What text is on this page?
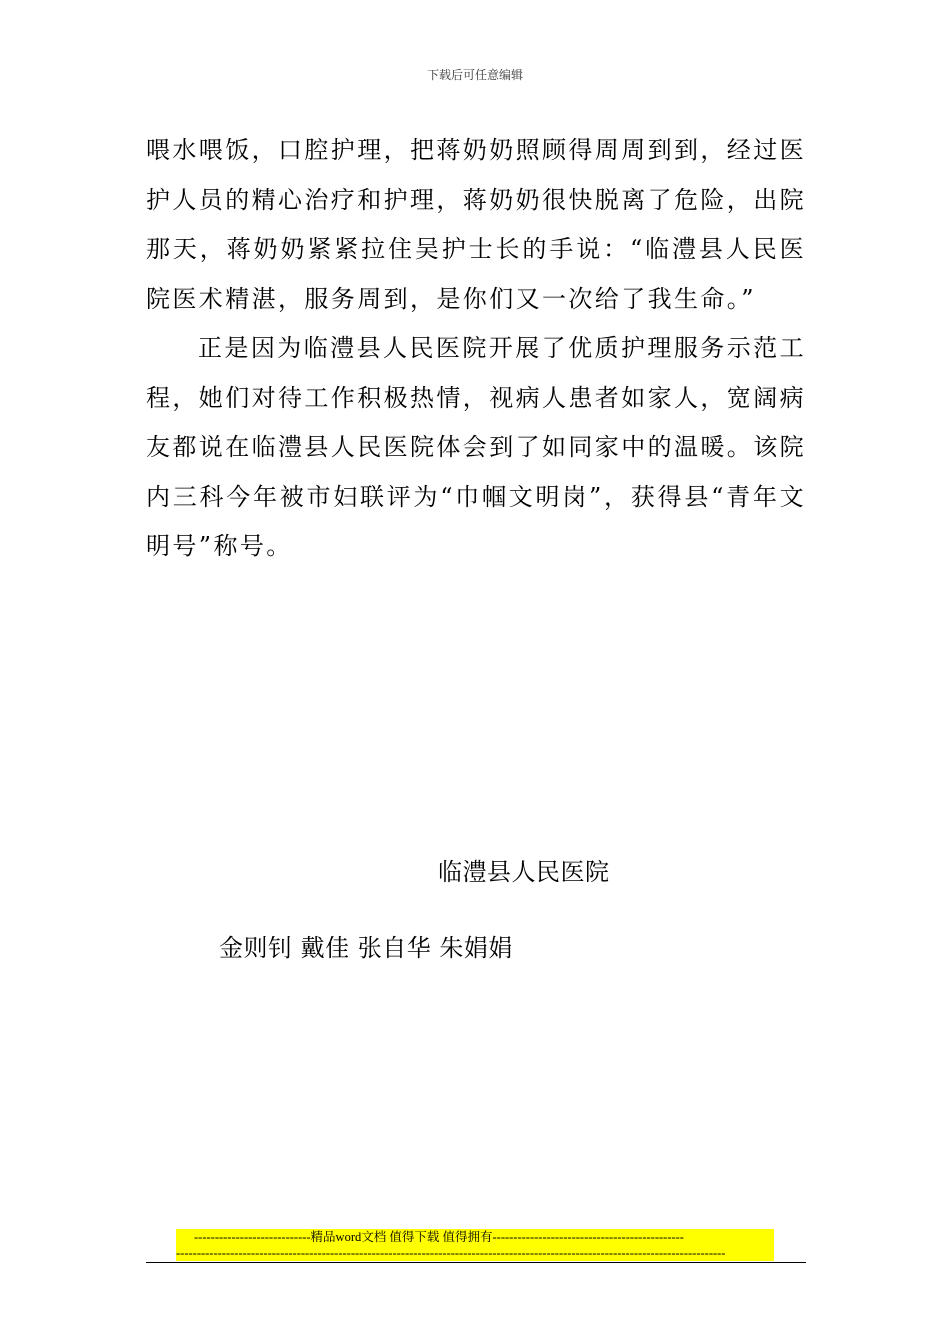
下载后可任意编辑

喂水喂饭，口腔护理，把蒋奶奶照顾得周周到到，经过医护人员的精心治疗和护理，蒋奶奶很快脱离了危险，出院那天，蒋奶奶紧紧拉住吴护士长的手说：“临澧县人民医院医术精湛，服务周到，是你们又一次给了我生命。”

正是因为临澧县人民医院开展了优质护理服务示范工程，她们对待工作积极热情，视病人患者如家人，宽阔病友都说在临澧县人民医院体会到了如同家中的温暖。该院内三科今年被市妇联评为“巾帼文明岗”，获得县“青年文明号”称号。

临澧县人民医院
金则钊 戴佳 张自华 朱娟娟
----------------------------精品word文档 值得下载 值得拥有----------------------------------------------
------------------------------------------------------------------------------------------------------------------------------------
